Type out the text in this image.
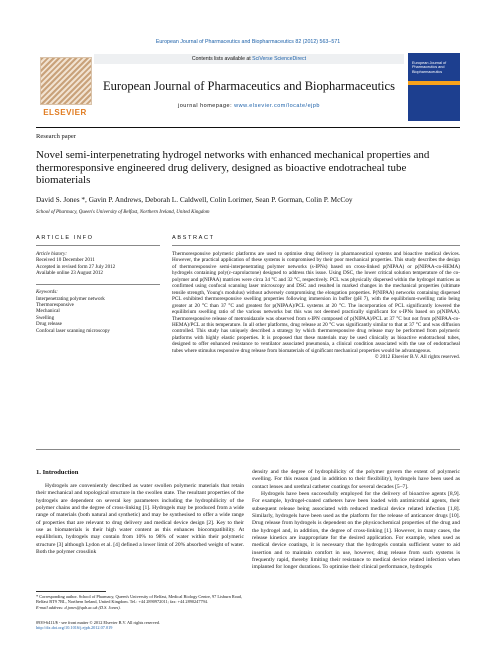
European Journal of Pharmaceutics and Biopharmaceutics 82 (2012) 563–571
ELSEVIER
Contents lists available at SciVerse ScienceDirect
European Journal of Pharmaceutics and Biopharmaceutics
journal homepage: www.elsevier.com/locate/ejpb
European Journal of Pharmaceutics and Biopharmaceutics
Research paper
Novel semi-interpenetrating hydrogel networks with enhanced mechanical properties and thermoresponsive engineered drug delivery, designed as bioactive endotracheal tube biomaterials
David S. Jones *, Gavin P. Andrews, Deborah L. Caldwell, Colin Lorimer, Sean P. Gorman, Colin P. McCoy
School of Pharmacy, Queen's University of Belfast, Northern Ireland, United Kingdom
ARTICLE INFO
Article history:
Received 10 December 2011
Accepted in revised form 27 July 2012
Available online 23 August 2012
Keywords:
Interpenetrating polymer network
Thermoresponsive
Mechanical
Swelling
Drug release
Confocal laser scanning microscopy
ABSTRACT
Thermoresponsive polymeric platforms are used to optimise drug delivery in pharmaceutical systems and bioactive medical devices. However, the practical application of these systems is compromised by their poor mechanical properties. This study describes the design of thermoresponsive semi-interpenetrating polymer networks (s-IPNs) based on cross-linked p(NIPAA) or p(NIPAA-co-HEMA) hydrogels containing poly(ε-caprolactone) designed to address this issue. Using DSC, the lower critical solution temperature of the co-polymer and p(NIPAA) matrices were circa 34 °C and 32 °C, respectively. PCL was physically dispersed within the hydrogel matrices as confirmed using confocal scanning laser microscopy and DSC and resulted in marked changes in the mechanical properties (ultimate tensile strength, Young's modulus) without adversely compromising the elongation properties. P(NIPAA) networks containing dispersed PCL exhibited thermoresponsive swelling properties following immersion in buffer (pH 7), with the equilibrium-swelling ratio being greater at 20 °C than 37 °C and greatest for p(NIPAA)/PCL systems at 20 °C. The incorporation of PCL significantly lowered the equilibrium swelling ratio of the various networks but this was not deemed practically significant for s-IPNs based on p(NIPAA). Thermoresponsive release of metronidazole was observed from s-IPN composed of p(NIPAA)/PCL at 37 °C but not from p(NIPAA-co-HEMA)/PCL at this temperature. In all other platforms, drug release at 20 °C was significantly similar to that at 37 °C and was diffusion controlled. This study has uniquely described a strategy by which thermoresponsive drug release may be performed from polymeric platforms with highly elastic properties. It is proposed that these materials may be used clinically as bioactive endotracheal tubes, designed to offer enhanced resistance to ventilator associated pneumonia, a clinical condition associated with the use of endotracheal tubes where stimulus responsive drug release from biomaterials of significant mechanical properties would be advantageous.
© 2012 Elsevier B.V. All rights reserved.
1. Introduction

Hydrogels are conveniently described as water swollen polymeric materials that retain their mechanical and topological structure in the swollen state. The resultant properties of the hydrogels are dependent on several key parameters including the hydrophilicity of the polymer chains and the degree of cross-linking [1]. Hydrogels may be produced from a wide range of materials (both natural and synthetic) and may be synthesised to offer a wide range of properties that are relevant to drug delivery and medical device design [2]. Key to their use as biomaterials is their high water content as this enhances biocompatibility. At equilibrium, hydrogels may contain from 10% to 98% of water within their polymeric structure [3] although Lydon et al. [4] defined a lower limit of 20% absorbed weight of water. Both the polymer crosslink

density and the degree of hydrophilicity of the polymer govern the extent of polymeric swelling. For this reason (and in addition to their flexibility), hydrogels have been used as contact lenses and urethral catheter coatings for several decades [5–7].

Hydrogels have been successfully employed for the delivery of bioactive agents [8,9]. For example, hydrogel-coated catheters have been loaded with antimicrobial agents, their subsequent release being associated with reduced medical device related infection [1,8]. Similarly, hydrogels have been used as the platform for the release of anticancer drugs [10]. Drug release from hydrogels is dependent on the physicochemical properties of the drug and the hydrogel and, in addition, the degree of cross-linking [1]. However, in many cases, the release kinetics are inappropriate for the desired application. For example, when used as medical device coatings, it is necessary that the hydrogels contain sufficient water to aid insertion and to maintain comfort in use, however, drug release from such systems is frequently rapid, thereby limiting their resistance to medical device related infection when implanted for longer durations. To optimise their clinical performance, hydrogels

* Corresponding author. School of Pharmacy, Queen's University of Belfast, Medical Biology Centre, 97 Lisburn Road, Belfast BT9 7BL, Northern Ireland, United Kingdom. Tel.: +44 2890972011; fax: +44 2890247794.
E-mail address: d.jones@qub.ac.uk (D.S. Jones).
0939-6411/$ - see front matter © 2012 Elsevier B.V. All rights reserved.
http://dx.doi.org/10.1016/j.ejpb.2012.07.019
